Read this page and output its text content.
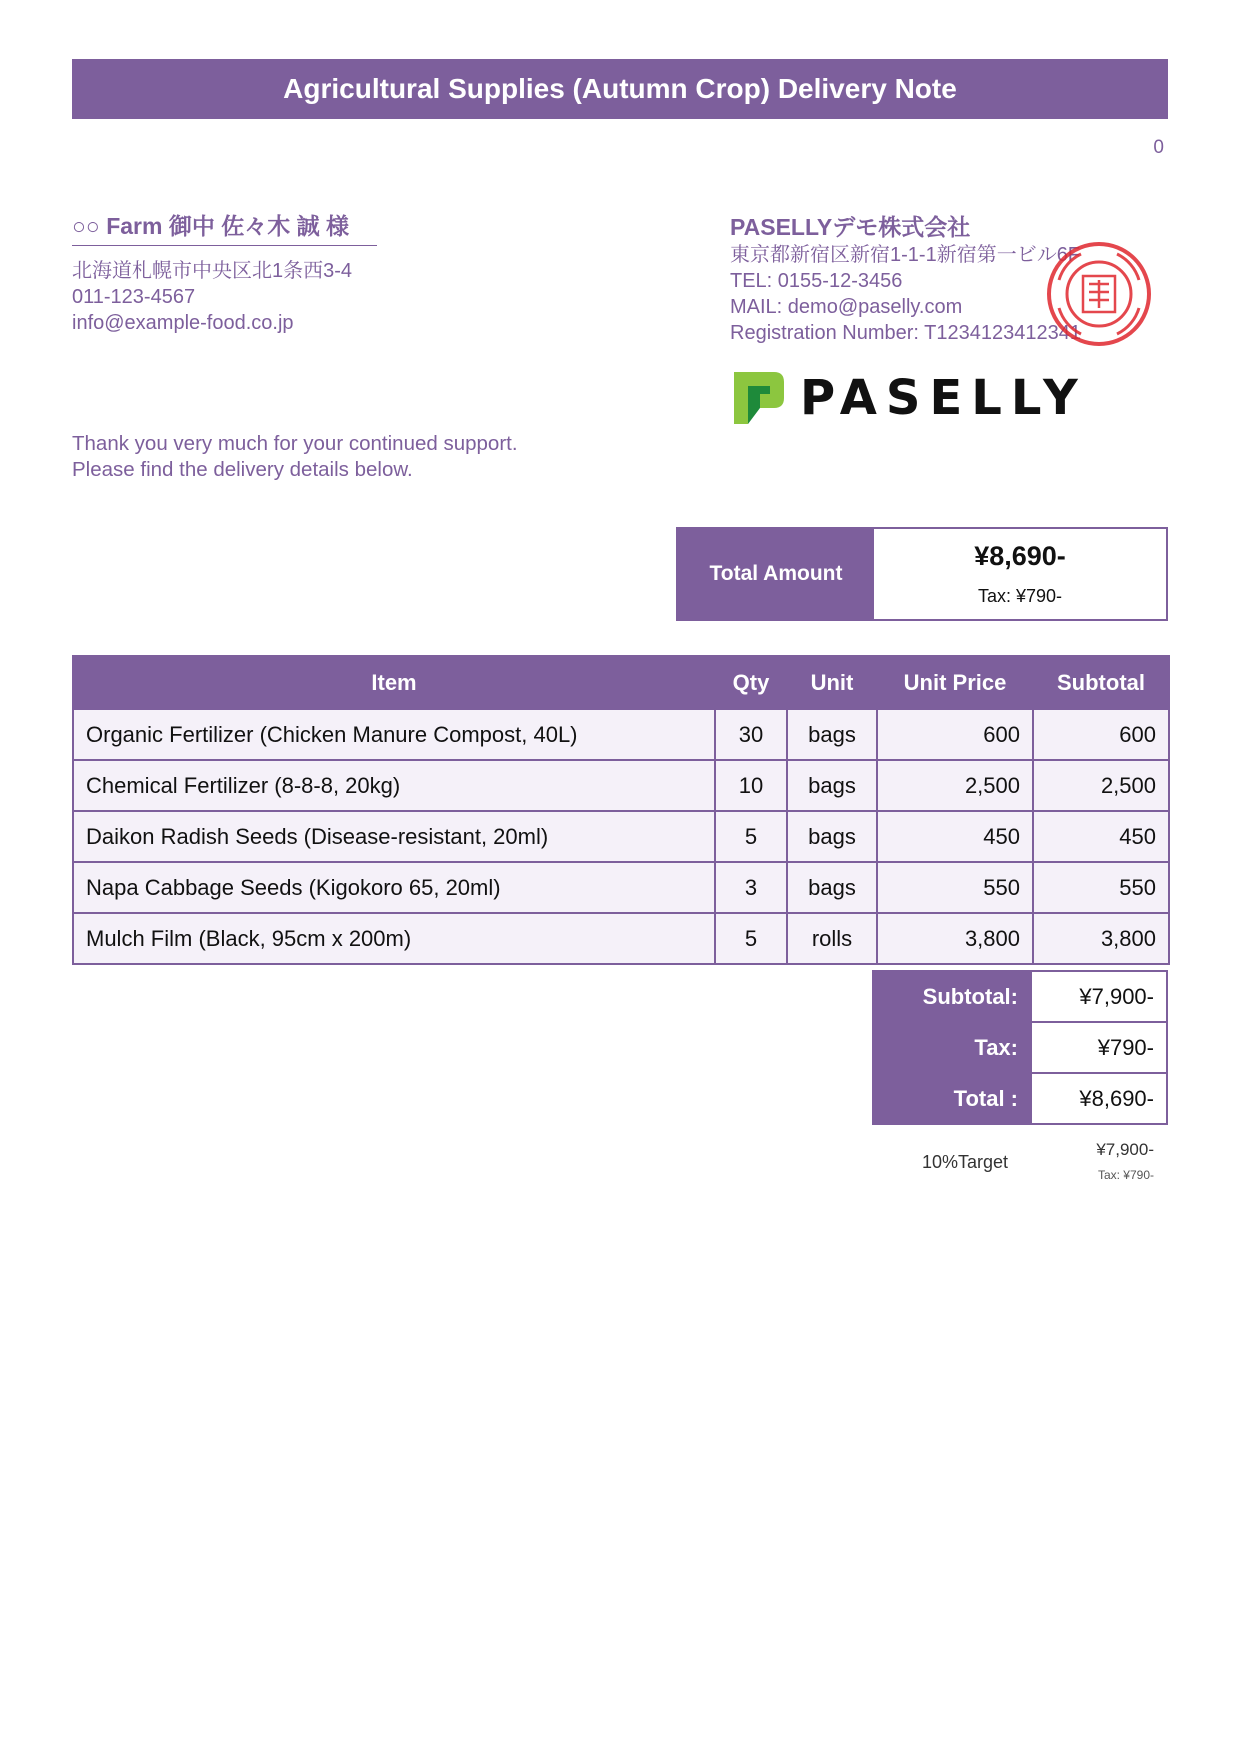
Agricultural Supplies (Autumn Crop) Delivery Note
0
○○ Farm 御中 佐々木 誠 様
北海道札幌市中央区北1条西3-4
011-123-4567
info@example-food.co.jp
Thank you very much for your continued support.
Please find the delivery details below.
PASELLYデモ株式会社
東京都新宿区新宿1-1-1新宿第一ビル6F
TEL: 0155-12-3456
MAIL: demo@paselly.com
Registration Number: T1234123412341
PASELLY
Total Amount
¥8,690-
Tax: ¥790-
Item	Qty	Unit	Unit Price	Subtotal
Organic Fertilizer (Chicken Manure Compost, 40L)	30	bags	600	600
Chemical Fertilizer (8-8-8, 20kg)	10	bags	2,500	2,500
Daikon Radish Seeds (Disease-resistant, 20ml)	5	bags	450	450
Napa Cabbage Seeds (Kigokoro 65, 20ml)	3	bags	550	550
Mulch Film (Black, 95cm x 200m)	5	rolls	3,800	3,800
Subtotal:	¥7,900-
Tax:	¥790-
Total :	¥8,690-
10%Target
¥7,900-
Tax: ¥790-
